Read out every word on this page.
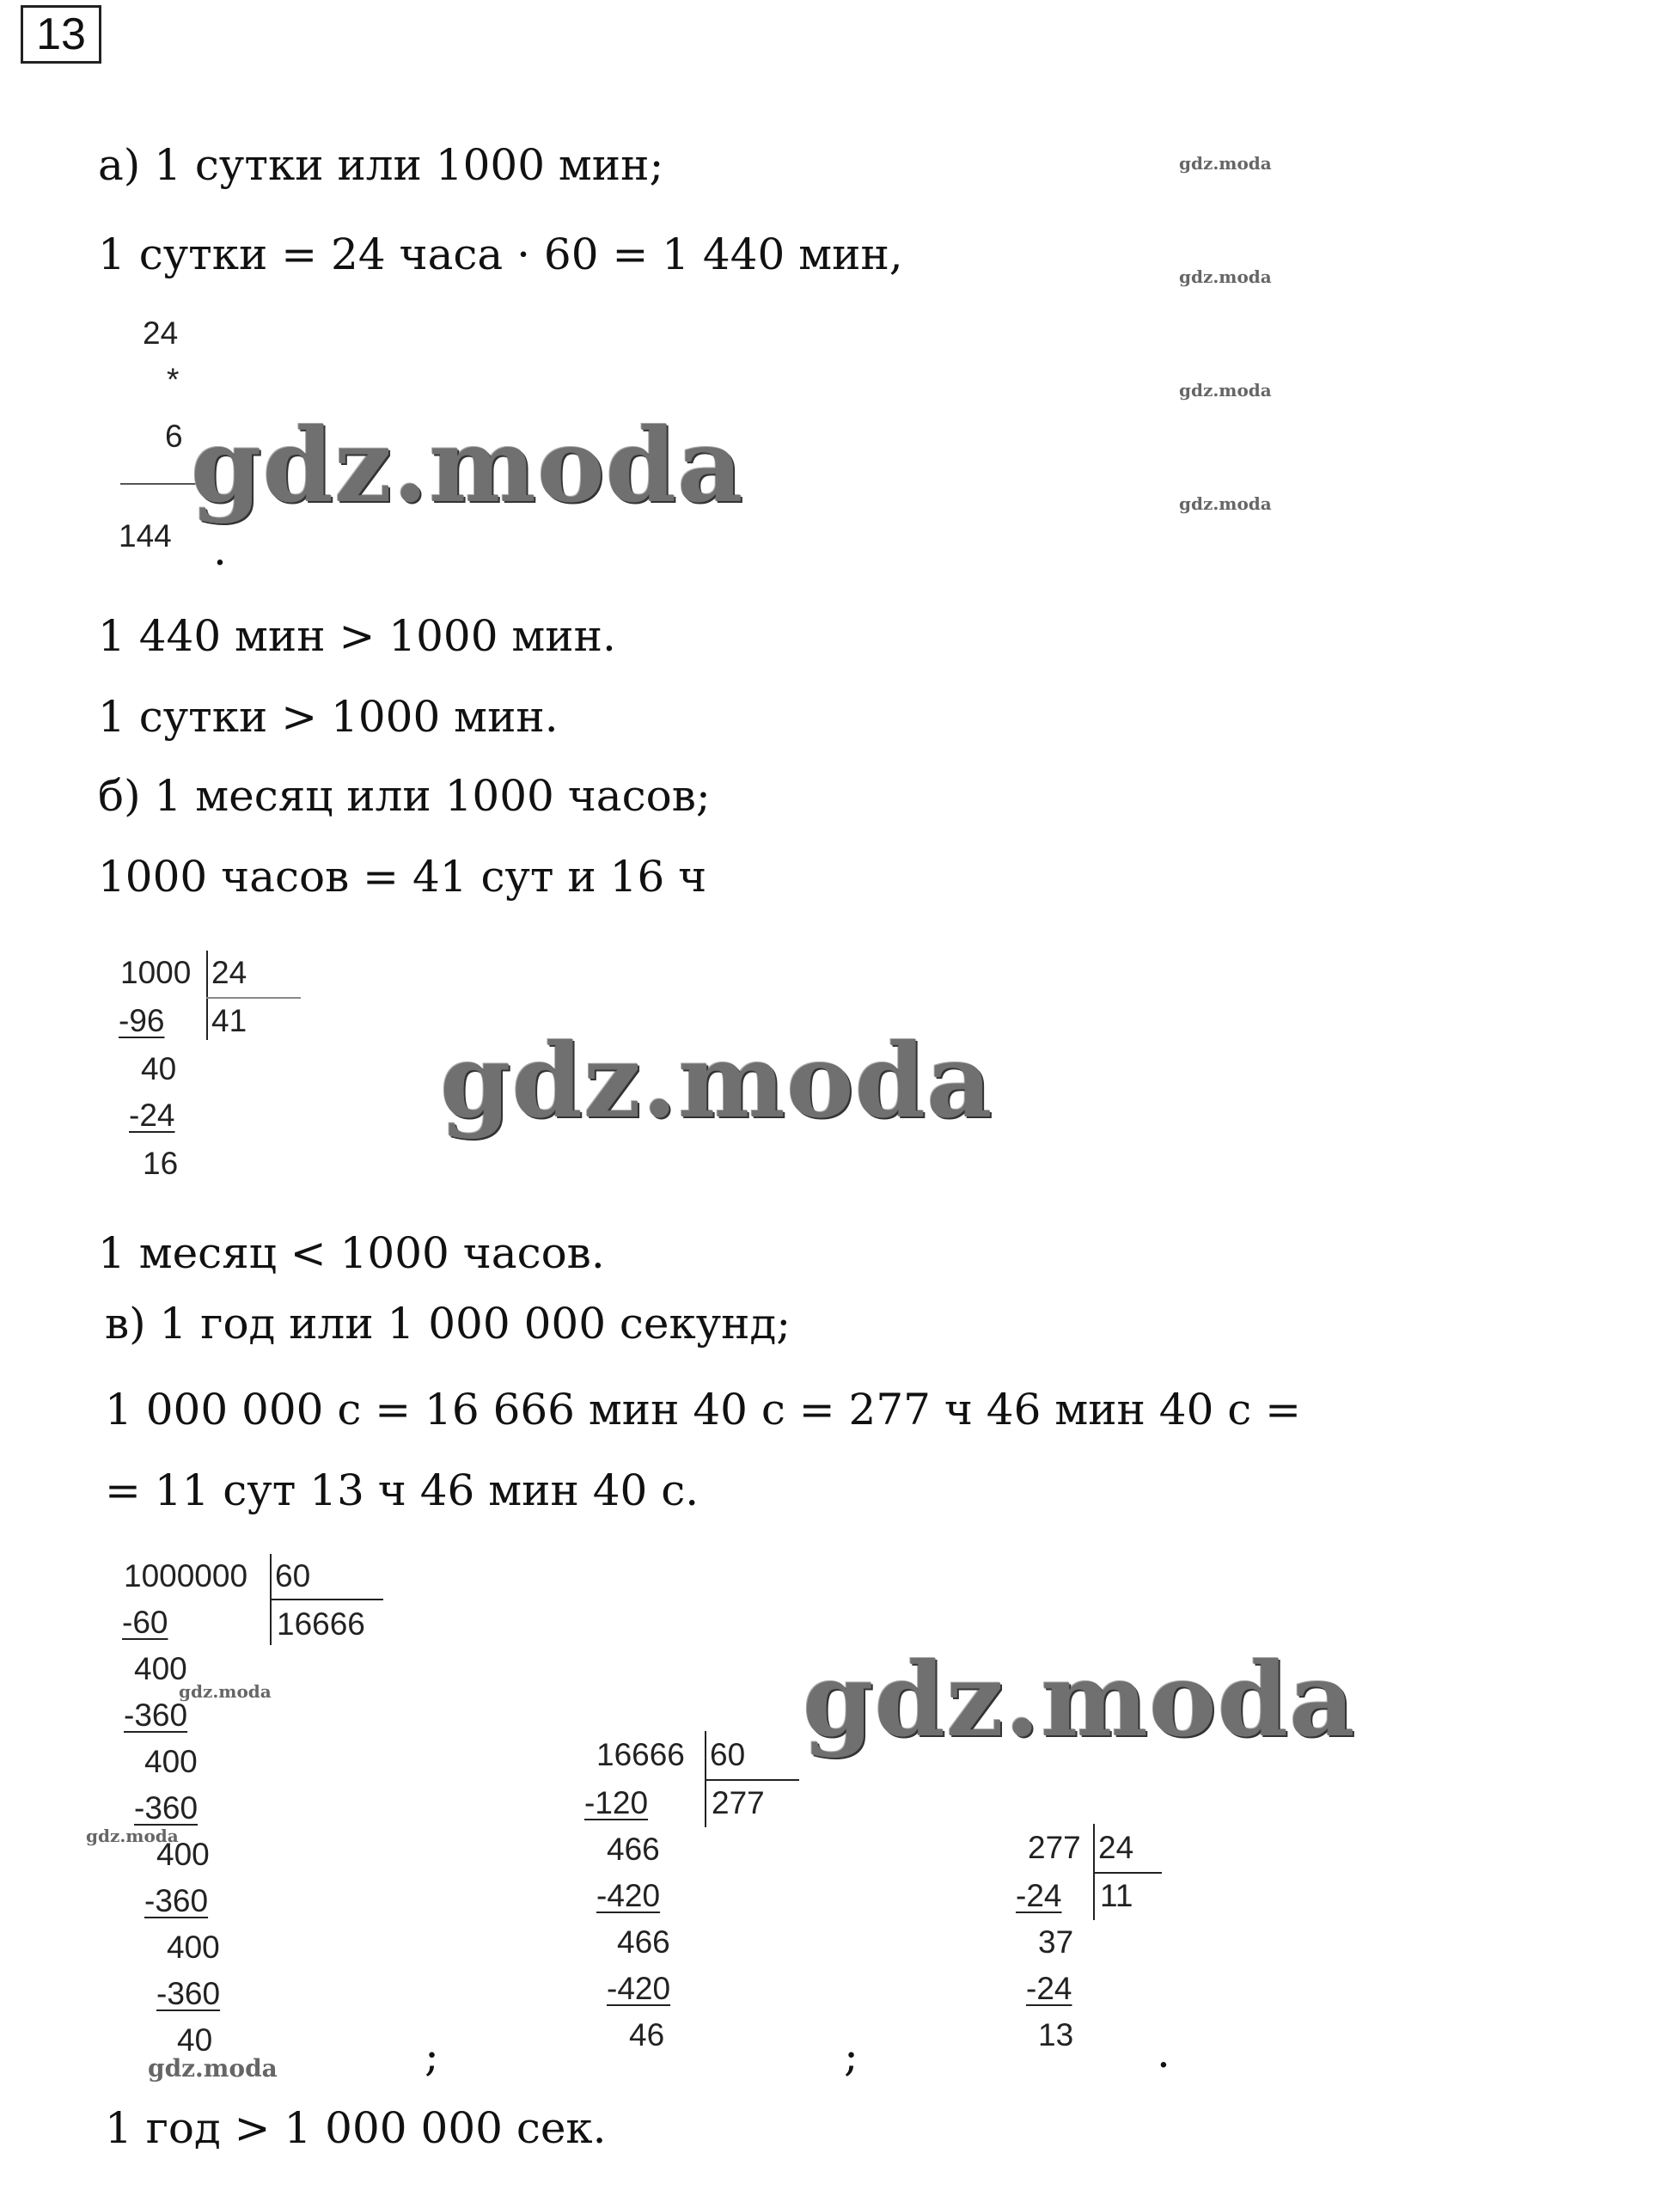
13
а) 1 сутки или 1000 мин;
1 сутки = 24 часа · 60 = 1 440 мин,
24
*
6
144 .
gdz.moda
1 440 мин > 1000 мин.
1 сутки > 1000 мин.
б) 1 месяц или 1000 часов;
1000 часов = 41 сут и 16 ч
1000 24
41
-96
40
-24
16
gdz.moda
1 месяц < 1000 часов.
в) 1 год или 1 000 000 секунд;
1 000 000 с = 16 666 мин 40 с = 277 ч 46 мин 40 с =
= 11 сут 13 ч 46 мин 40 с.
1000000 60
16666
-60
400
-360
400
-360
400
-360
400
-360
40	;
16666 60
277
-120
466
-420
466
-420
46	;
277 24
11
-24
37
-24
13 .
gdz.moda
1 год > 1 000 000 сек.
gdz.moda
gdz.moda
gdz.moda
gdz.moda
gdz.moda
gdz.moda
gdz.moda
